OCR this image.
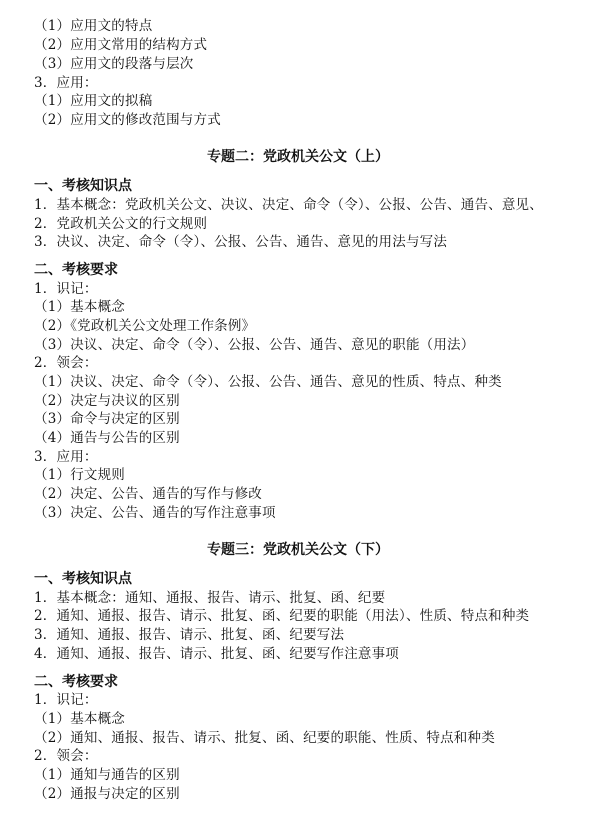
（1）应用文的特点
（2）应用文常用的结构方式
（3）应用文的段落与层次
3．应用：
（1）应用文的拟稿
（2）应用文的修改范围与方式
专题二：党政机关公文（上）
一、考核知识点
1．基本概念：党政机关公文、决议、决定、命令（令）、公报、公告、通告、意见、
2．党政机关公文的行文规则
3．决议、决定、命令（令）、公报、公告、通告、意见的用法与写法
二、考核要求
1．识记：
（1）基本概念
（2）《党政机关公文处理工作条例》
（3）决议、决定、命令（令）、公报、公告、通告、意见的职能（用法）
2．领会：
（1）决议、决定、命令（令）、公报、公告、通告、意见的性质、特点、种类
（2）决定与决议的区别
（3）命令与决定的区别
（4）通告与公告的区别
3．应用：
（1）行文规则
（2）决定、公告、通告的写作与修改
（3）决定、公告、通告的写作注意事项
专题三：党政机关公文（下）
一、考核知识点
1．基本概念：通知、通报、报告、请示、批复、函、纪要
2．通知、通报、报告、请示、批复、函、纪要的职能（用法）、性质、特点和种类
3．通知、通报、报告、请示、批复、函、纪要写法
4．通知、通报、报告、请示、批复、函、纪要写作注意事项
二、考核要求
1．识记：
（1）基本概念
（2）通知、通报、报告、请示、批复、函、纪要的职能、性质、特点和种类
2．领会：
（1）通知与通告的区别
（2）通报与决定的区别
